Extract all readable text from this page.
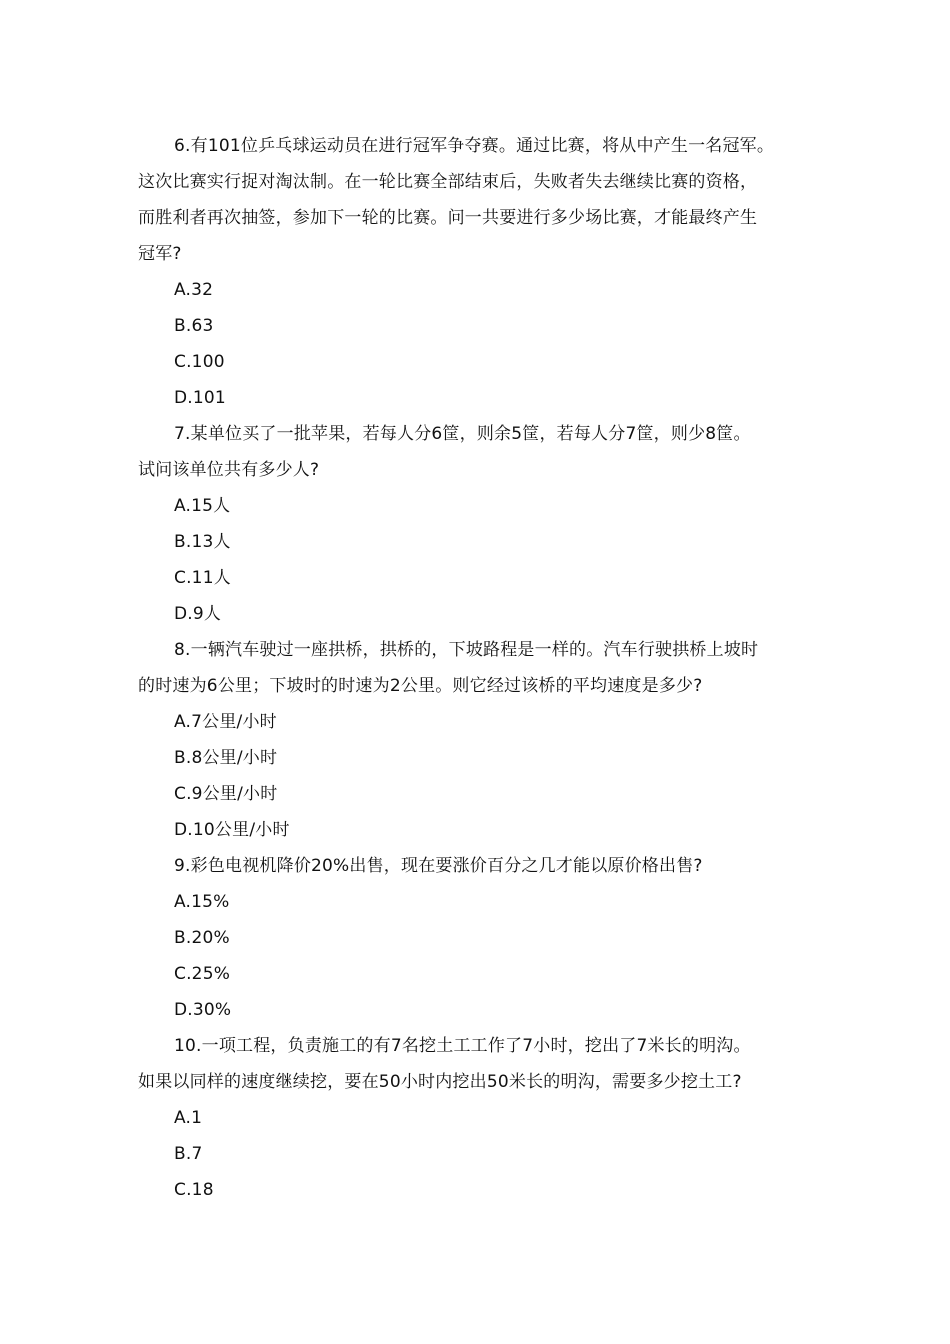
6.有101位乒乓球运动员在进行冠军争夺赛。通过比赛，将从中产生一名冠军。
这次比赛实行捉对淘汰制。在一轮比赛全部结束后，失败者失去继续比赛的资格，
而胜利者再次抽签，参加下一轮的比赛。问一共要进行多少场比赛，才能最终产生
冠军?
A.32
B.63
C.100
D.101
7.某单位买了一批苹果，若每人分6筐，则余5筐，若每人分7筐，则少8筐。
试问该单位共有多少人?
A.15人
B.13人
C.11人
D.9人
8.一辆汽车驶过一座拱桥，拱桥的，下坡路程是一样的。汽车行驶拱桥上坡时
的时速为6公里；下坡时的时速为2公里。则它经过该桥的平均速度是多少?
A.7公里/小时
B.8公里/小时
C.9公里/小时
D.10公里/小时
9.彩色电视机降价20%出售，现在要涨价百分之几才能以原价格出售?
A.15%
B.20%
C.25%
D.30%
10.一项工程，负责施工的有7名挖土工工作了7小时，挖出了7米长的明沟。
如果以同样的速度继续挖，要在50小时内挖出50米长的明沟，需要多少挖土工?
A.1
B.7
C.18
